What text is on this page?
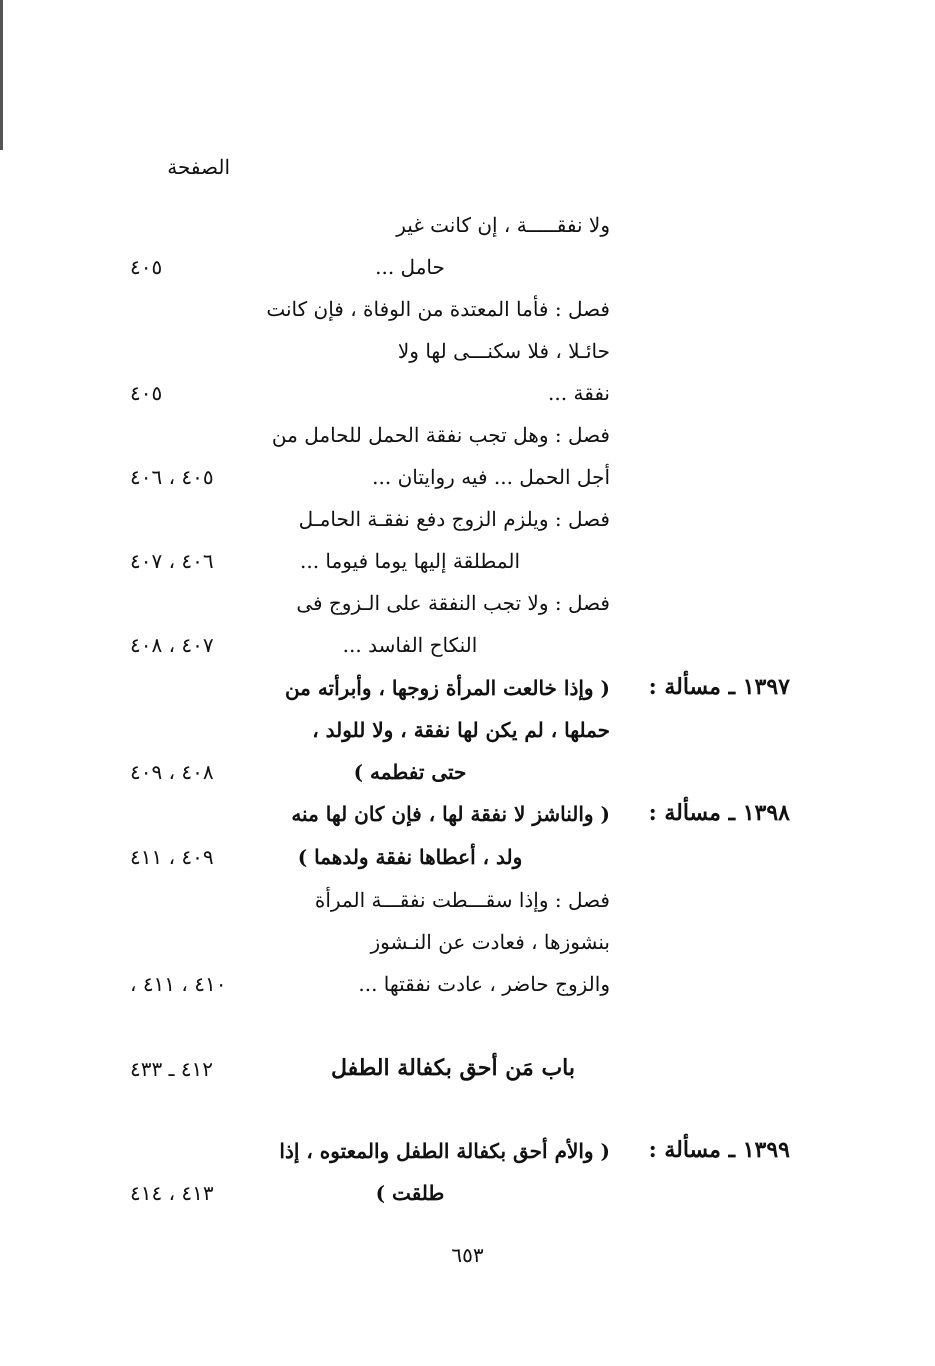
الصفحة
ولا نفقـــــة ، إن كانت غير
حامل ...
٤٠٥
فصل : فأما المعتدة من الوفاة ، فإن كانت
حائـلا ، فلا سكنـــى لها ولا
نفقة ...
٤٠٥
فصل : وهل تجب نفقة الحمل للحامل من
أجل الحمل ... فيه روايتان ...
٤٠٥ ، ٤٠٦
فصل : ويلزم الزوج دفع نفقـة الحامـل
المطلقة إليها يوما فيوما ...
٤٠٦ ، ٤٠٧
فصل : ولا تجب النفقة على الـزوج فى
النكاح الفاسد ...
٤٠٧ ، ٤٠٨
١٣٩٧ ـ مسألة :
( وإذا خالعت المرأة زوجها ، وأبرأته من
حملها ، لم يكن لها نفقة ، ولا للولد ،
حتى تفطمه )
٤٠٨ ، ٤٠٩
١٣٩٨ ـ مسألة :
( والناشز لا نفقة لها ، فإن كان لها منه
ولد ، أعطاها نفقة ولدهما )
٤٠٩ ، ٤١١
فصل : وإذا سقـــطت نفقـــة المرأة
بنشوزها ، فعادت عن النـشوز
والزوج حاضر ، عادت نفقتها ...
٤١٠ ، ٤١١ ،
باب مَن أحق بكفالة الطفل
٤١٢ ـ ٤٣٣
١٣٩٩ ـ مسألة :
( والأم أحق بكفالة الطفل والمعتوه ، إذا
طلقت )
٤١٣ ، ٤١٤
٦٥٣
